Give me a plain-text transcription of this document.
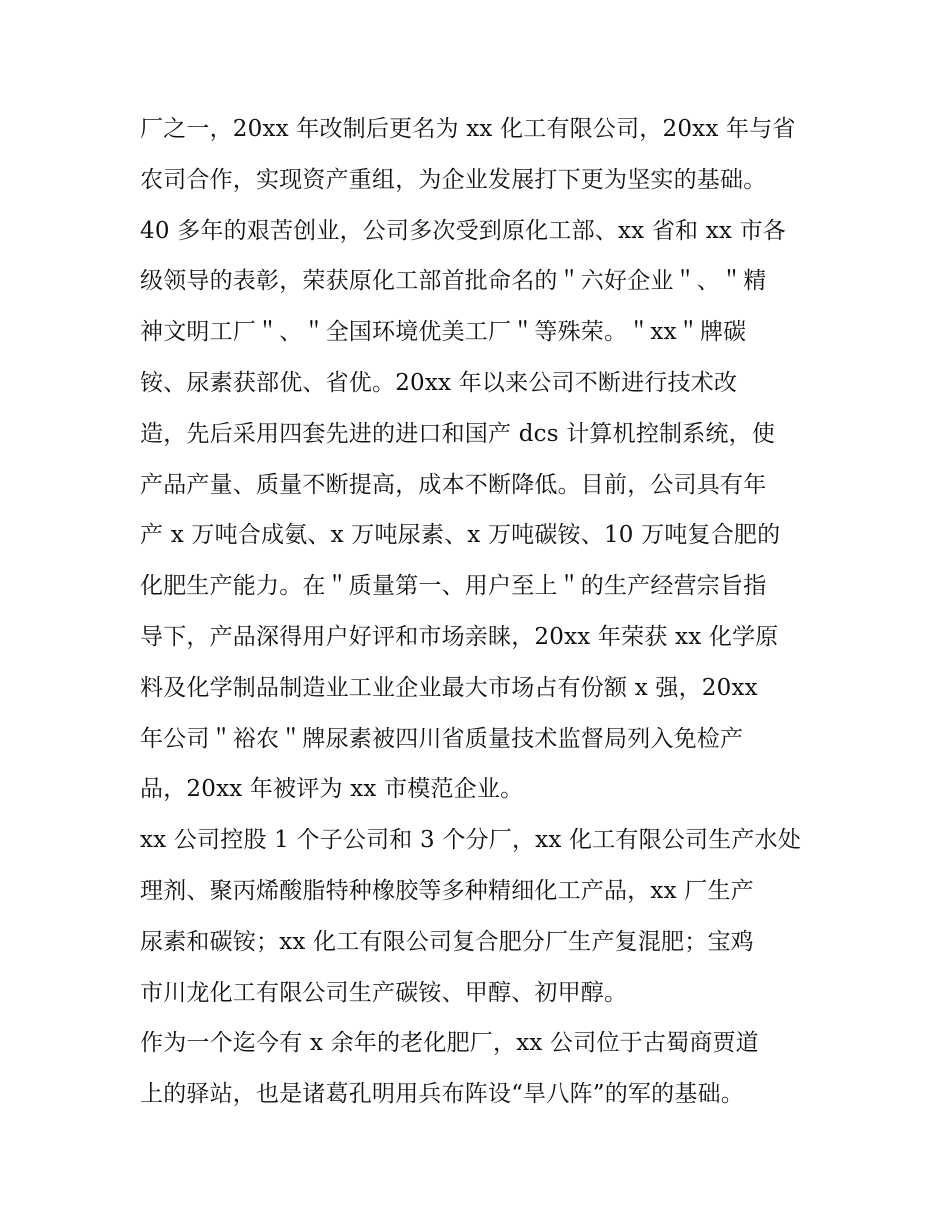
厂之一，20xx 年改制后更名为 xx 化工有限公司，20xx 年与省
农司合作，实现资产重组，为企业发展打下更为坚实的基础。
40 多年的艰苦创业，公司多次受到原化工部、xx 省和 xx 市各
级领导的表彰，荣获原化工部首批命名的＂六好企业＂、＂精
神文明工厂＂、＂全国环境优美工厂＂等殊荣。＂xx＂牌碳
铵、尿素获部优、省优。20xx 年以来公司不断进行技术改
造，先后采用四套先进的进口和国产 dcs 计算机控制系统，使
产品产量、质量不断提高，成本不断降低。目前，公司具有年
产 x 万吨合成氨、x 万吨尿素、x 万吨碳铵、10 万吨复合肥的
化肥生产能力。在＂质量第一、用户至上＂的生产经营宗旨指
导下，产品深得用户好评和市场亲睐，20xx 年荣获 xx 化学原
料及化学制品制造业工业企业最大市场占有份额 x 强，20xx
年公司＂裕农＂牌尿素被四川省质量技术监督局列入免检产
品，20xx 年被评为 xx 市模范企业。
xx 公司控股 1 个子公司和 3 个分厂，xx 化工有限公司生产水处
理剂、聚丙烯酸脂特种橡胶等多种精细化工产品，xx 厂生产
尿素和碳铵；xx 化工有限公司复合肥分厂生产复混肥；宝鸡
市川龙化工有限公司生产碳铵、甲醇、初甲醇。
作为一个迄今有 x 余年的老化肥厂，xx 公司位于古蜀商贾道
上的驿站，也是诸葛孔明用兵布阵设“旱八阵”的军的基础。
